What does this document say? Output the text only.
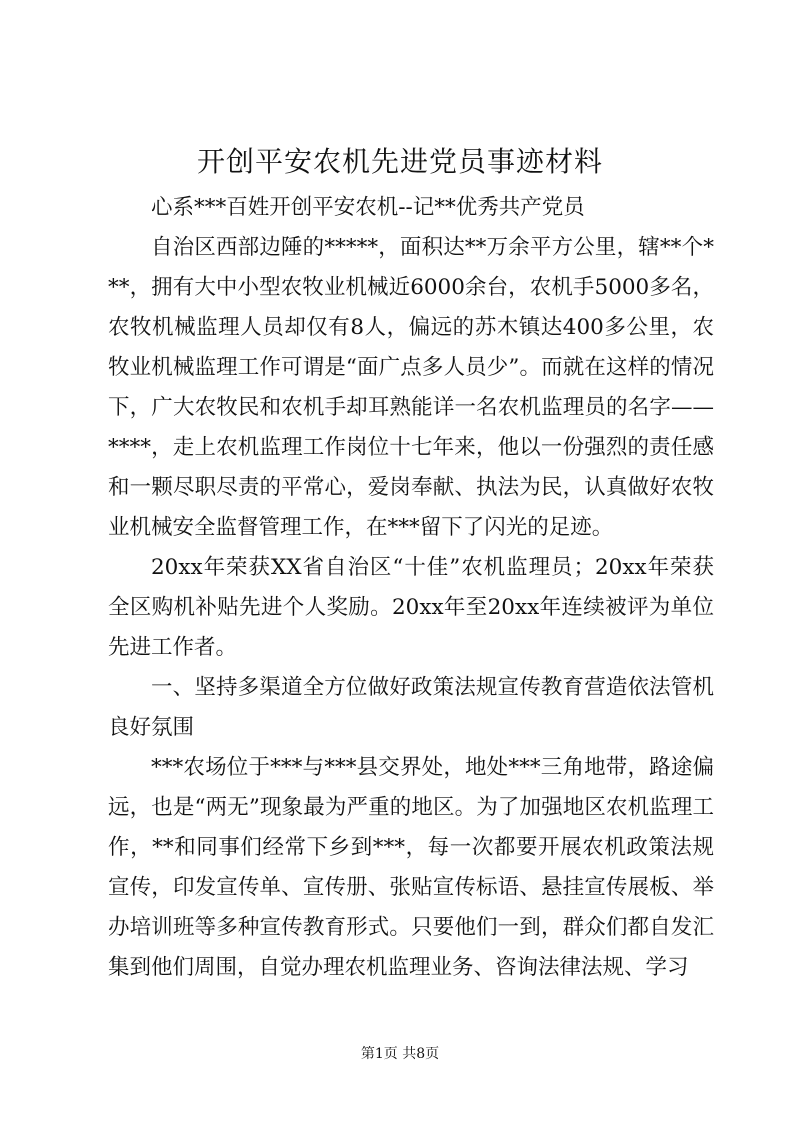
开创平安农机先进党员事迹材料

心系***百姓开创平安农机--记**优秀共产党员

自治区西部边陲的*****，面积达**万余平方公里，辖**个***，拥有大中小型农牧业机械近6000余台，农机手5000多名，农牧机械监理人员却仅有8人，偏远的苏木镇达400多公里，农牧业机械监理工作可谓是“面广点多人员少”。而就在这样的情况下，广大农牧民和农机手却耳熟能详一名农机监理员的名字——****，走上农机监理工作岗位十七年来，他以一份强烈的责任感和一颗尽职尽责的平常心，爱岗奉献、执法为民，认真做好农牧业机械安全监督管理工作，在***留下了闪光的足迹。

20xx年荣获XX省自治区“十佳”农机监理员；20xx年荣获全区购机补贴先进个人奖励。20xx年至20xx年连续被评为单位先进工作者。

一、坚持多渠道全方位做好政策法规宣传教育营造依法管机良好氛围

***农场位于***与***县交界处，地处***三角地带，路途偏远，也是“两无”现象最为严重的地区。为了加强地区农机监理工作，**和同事们经常下乡到***，每一次都要开展农机政策法规宣传，印发宣传单、宣传册、张贴宣传标语、悬挂宣传展板、举办培训班等多种宣传教育形式。只要他们一到，群众们都自发汇集到他们周围，自觉办理农机监理业务、咨询法律法规、学习

第1页 共8页
